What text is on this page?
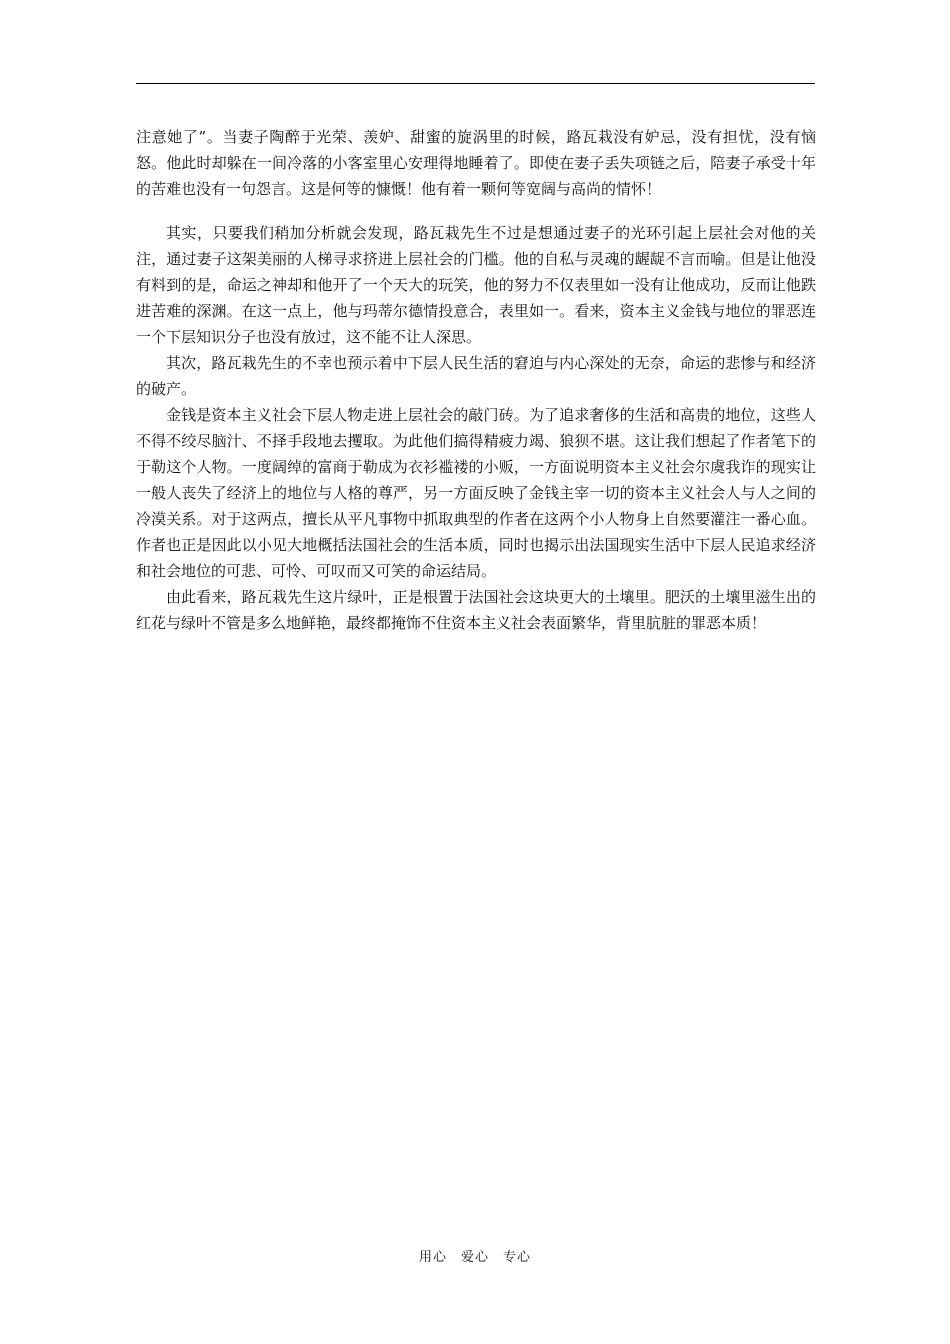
注意她了”。当妻子陶醉于光荣、羡妒、甜蜜的旋涡里的时候，路瓦栽没有妒忌，没有担忧，没有恼怒。他此时却躲在一间冷落的小客室里心安理得地睡着了。即使在妻子丢失项链之后，陪妻子承受十年的苦难也没有一句怨言。这是何等的慷慨！他有着一颗何等宽阔与高尚的情怀！

其实，只要我们稍加分析就会发现，路瓦栽先生不过是想通过妻子的光环引起上层社会对他的关注，通过妻子这架美丽的人梯寻求挤进上层社会的门槛。他的自私与灵魂的龌龊不言而喻。但是让他没有料到的是，命运之神却和他开了一个天大的玩笑，他的努力不仅表里如一没有让他成功，反而让他跌进苦难的深渊。在这一点上，他与玛蒂尔德情投意合，表里如一。看来，资本主义金钱与地位的罪恶连一个下层知识分子也没有放过，这不能不让人深思。

其次，路瓦栽先生的不幸也预示着中下层人民生活的窘迫与内心深处的无奈，命运的悲惨与和经济的破产。

金钱是资本主义社会下层人物走进上层社会的敲门砖。为了追求奢侈的生活和高贵的地位，这些人不得不绞尽脑汁、不择手段地去攫取。为此他们搞得精疲力竭、狼狈不堪。这让我们想起了作者笔下的于勒这个人物。一度阔绰的富商于勒成为衣衫褴褛的小贩，一方面说明资本主义社会尔虞我诈的现实让一般人丧失了经济上的地位与人格的尊严，另一方面反映了金钱主宰一切的资本主义社会人与人之间的冷漠关系。对于这两点，擅长从平凡事物中抓取典型的作者在这两个小人物身上自然要灌注一番心血。作者也正是因此以小见大地概括法国社会的生活本质，同时也揭示出法国现实生活中下层人民追求经济和社会地位的可悲、可怜、可叹而又可笑的命运结局。

由此看来，路瓦栽先生这片绿叶，正是根置于法国社会这块更大的土壤里。肥沃的土壤里滋生出的红花与绿叶不管是多么地鲜艳，最终都掩饰不住资本主义社会表面繁华，背里肮脏的罪恶本质！

用心　爱心　专心
